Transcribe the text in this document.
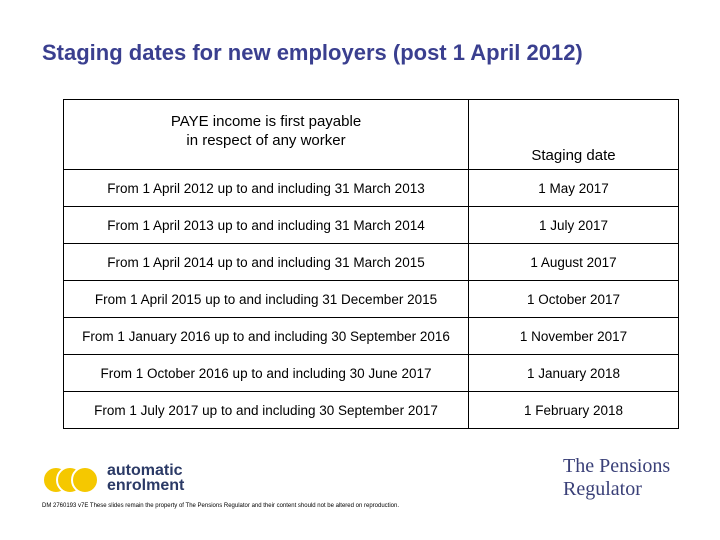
Staging dates for new employers (post 1 April 2012)
PAYE income is first payable
in respect of any worker	Staging date
From 1 April 2012 up to and including 31 March 2013	1 May 2017
From 1 April 2013 up to and including 31 March 2014	1 July 2017
From 1 April 2014 up to and including 31 March 2015	1 August 2017
From 1 April 2015 up to and including 31 December 2015	1 October 2017
From 1 January 2016 up to and including 30 September 2016	1 November 2017
From 1 October 2016 up to and including 30 June 2017	1 January 2018
From 1 July 2017 up to and including 30 September 2017	1 February 2018
automatic
enrolment
The Pensions
Regulator
DM 2760193 v7E These slides remain the property of The Pensions Regulator and their content should not be altered on reproduction.
